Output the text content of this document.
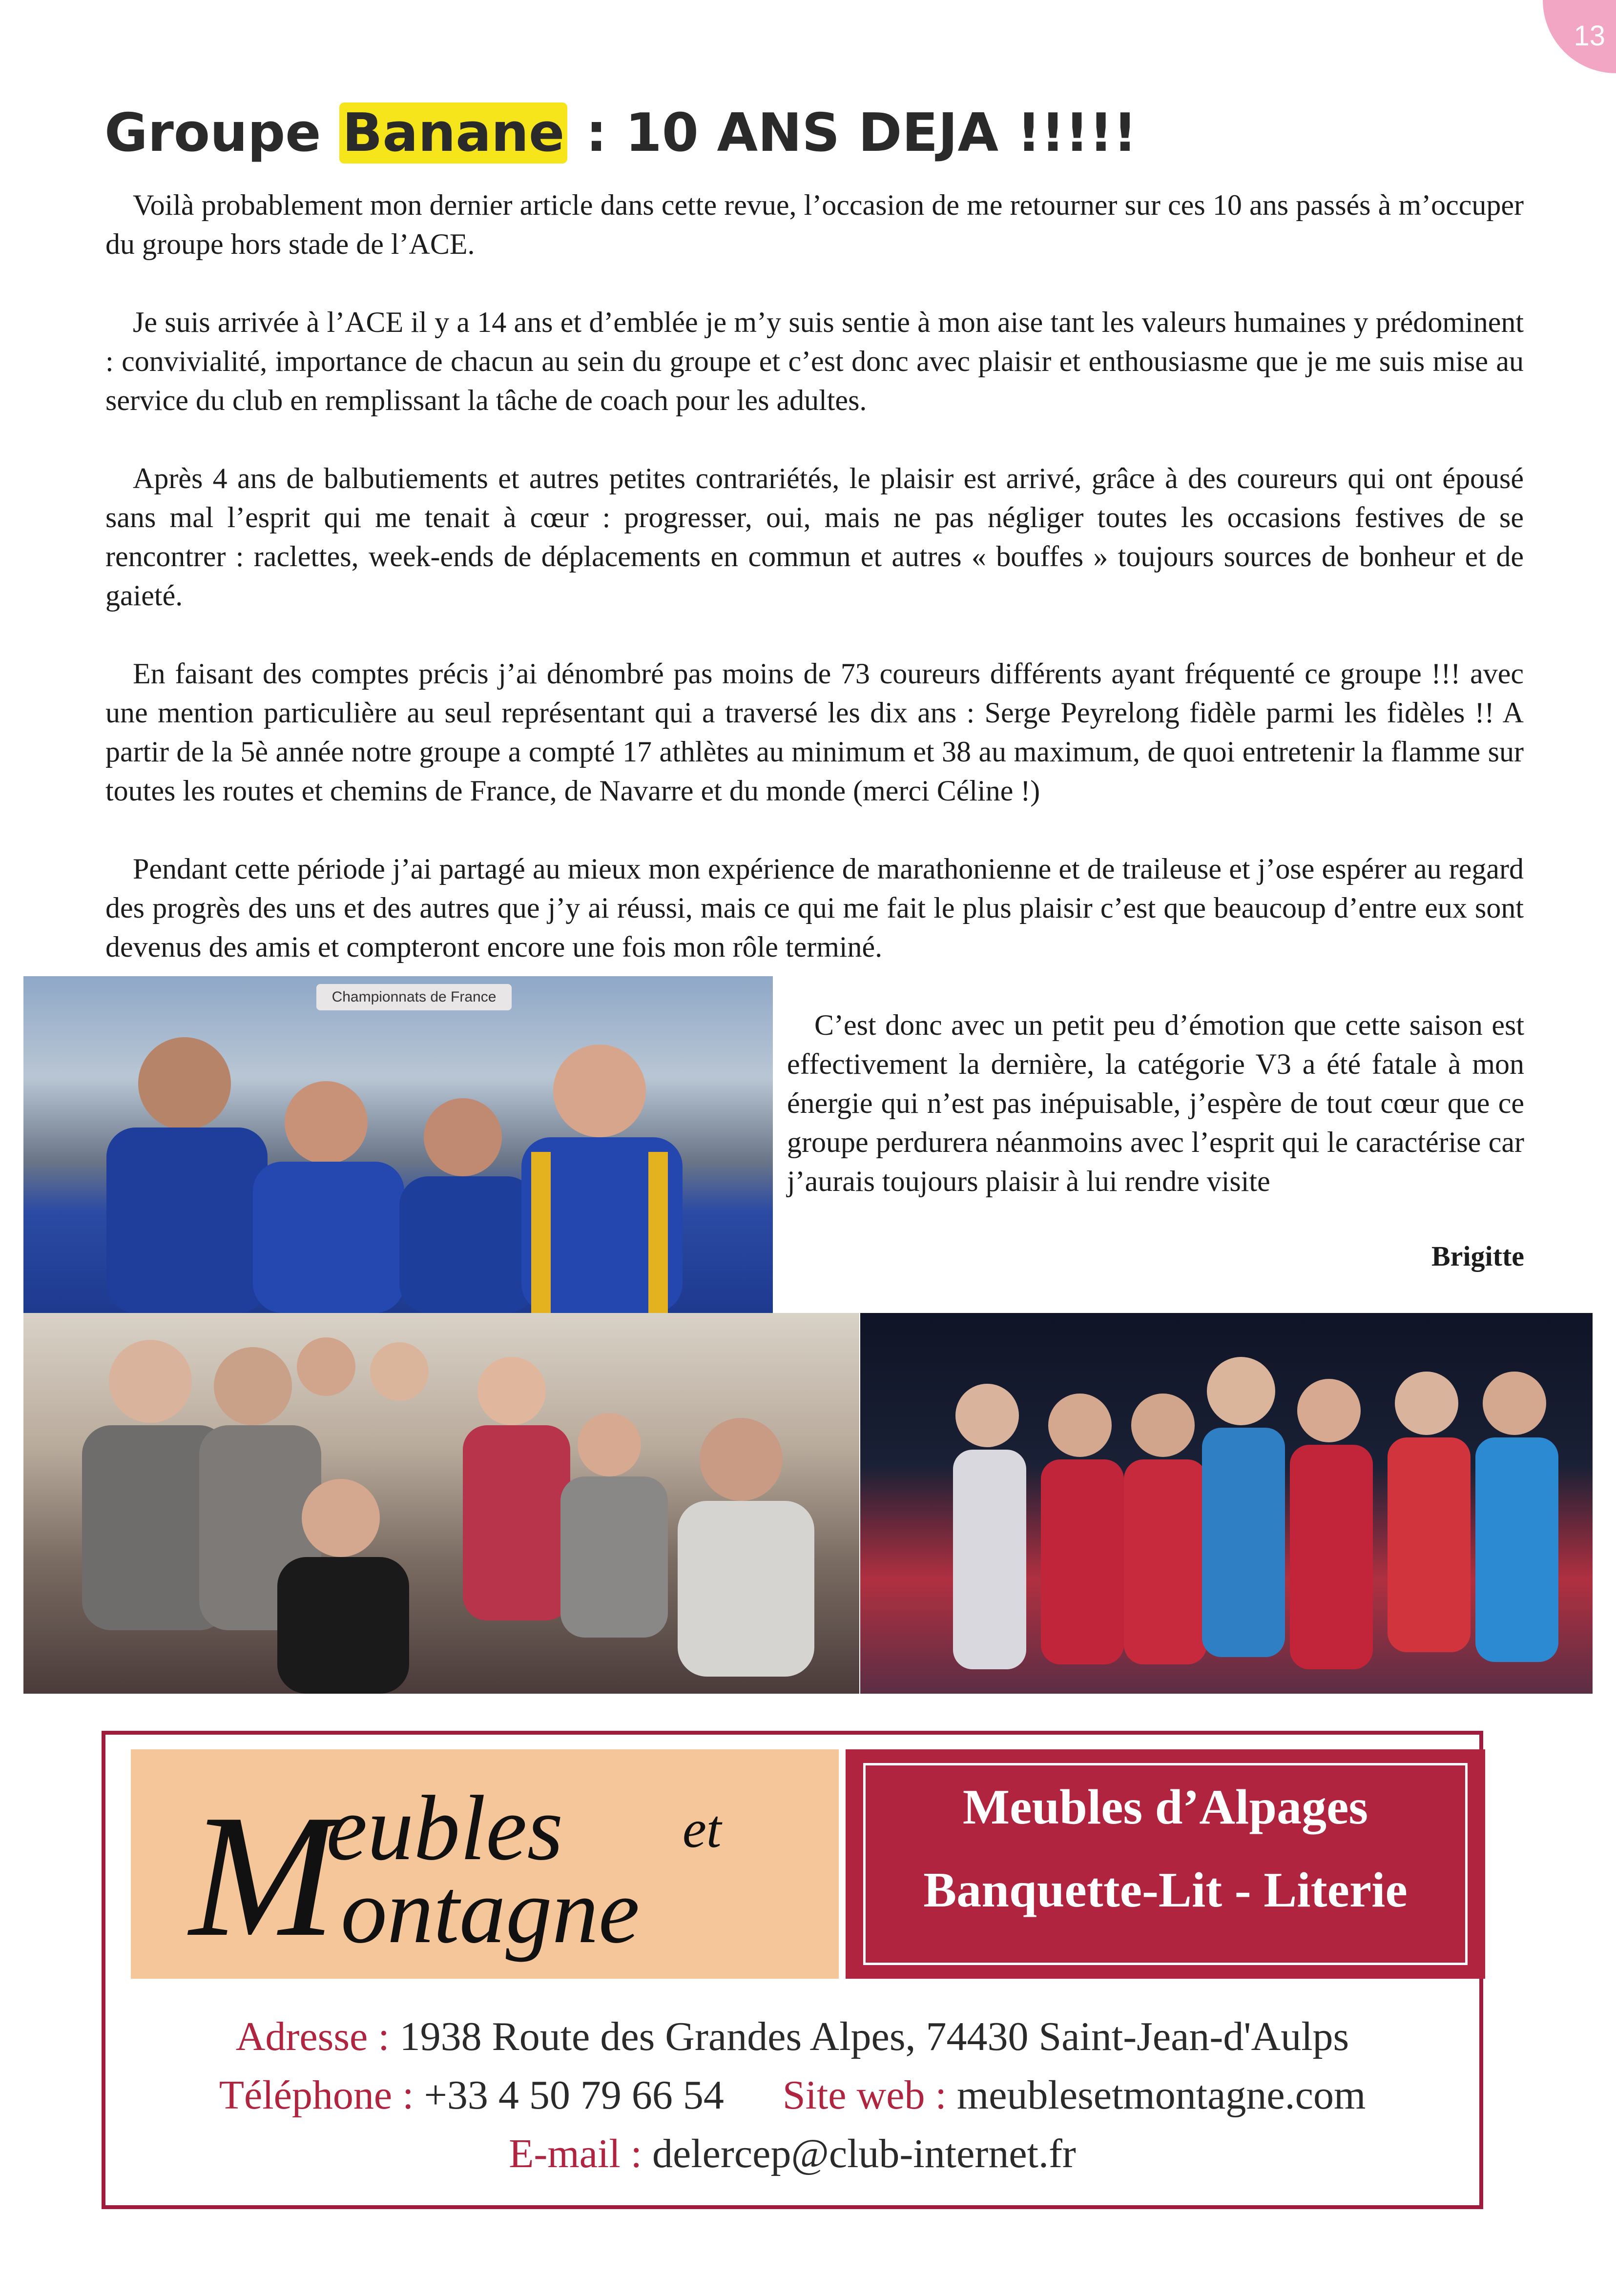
13
Groupe Banane : 10 ANS DEJA !!!!!

Voilà probablement mon dernier article dans cette revue, l’occasion de me retourner sur ces 10 ans passés à m’occuper du groupe hors stade de l’ACE.

Je suis arrivée à l’ACE il y a 14 ans et d’emblée je m’y suis sentie à mon aise tant les valeurs humaines y prédominent : convivialité, importance de chacun au sein du groupe et c’est donc avec plaisir et enthousiasme que je me suis mise au service du club en remplissant la tâche de coach pour les adultes.

Après 4 ans de balbutiements et autres petites contrariétés, le plaisir est arrivé, grâce à des coureurs qui ont épousé sans mal l’esprit qui me tenait à cœur : progresser, oui, mais ne pas négliger toutes les occasions festives de se rencontrer : raclettes, week-ends de déplacements en commun et autres « bouffes » toujours sources de bonheur et de gaieté.

En faisant des comptes précis j’ai dénombré pas moins de 73 coureurs différents ayant fréquenté ce groupe !!! avec une mention particulière au seul représentant qui a traversé les dix ans : Serge Peyrelong fidèle parmi les fidèles !! A partir de la 5è année notre groupe a compté 17 athlètes au minimum et 38 au maximum, de quoi entretenir la flamme sur toutes les routes et chemins de France, de Navarre et du monde (merci Céline !)

Pendant cette période j’ai partagé au mieux mon expérience de marathonienne et de traileuse et j’ose espérer au regard des progrès des uns et des autres que j’y ai réussi, mais ce qui me fait le plus plaisir c’est que beaucoup d’entre eux sont devenus des amis et compteront encore une fois mon rôle terminé.

Championnats de France

C’est donc avec un petit peu d’émotion que cette saison est effectivement la dernière, la catégorie V3 a été fatale à mon énergie qui n’est pas inépuisable, j’espère de tout cœur que ce groupe perdurera néanmoins avec l’esprit qui le caractérise car j’aurais toujours plaisir à lui rendre visite

Brigitte
M
eubles et
ontagne
Meubles d’Alpages
Banquette-Lit - Literie
Adresse : 1938 Route des Grandes Alpes, 74430 Saint-Jean-d'Aulps
Téléphone : +33 4 50 79 66 54 Site web : meublesetmontagne.com
E-mail : delercep@club-internet.fr
